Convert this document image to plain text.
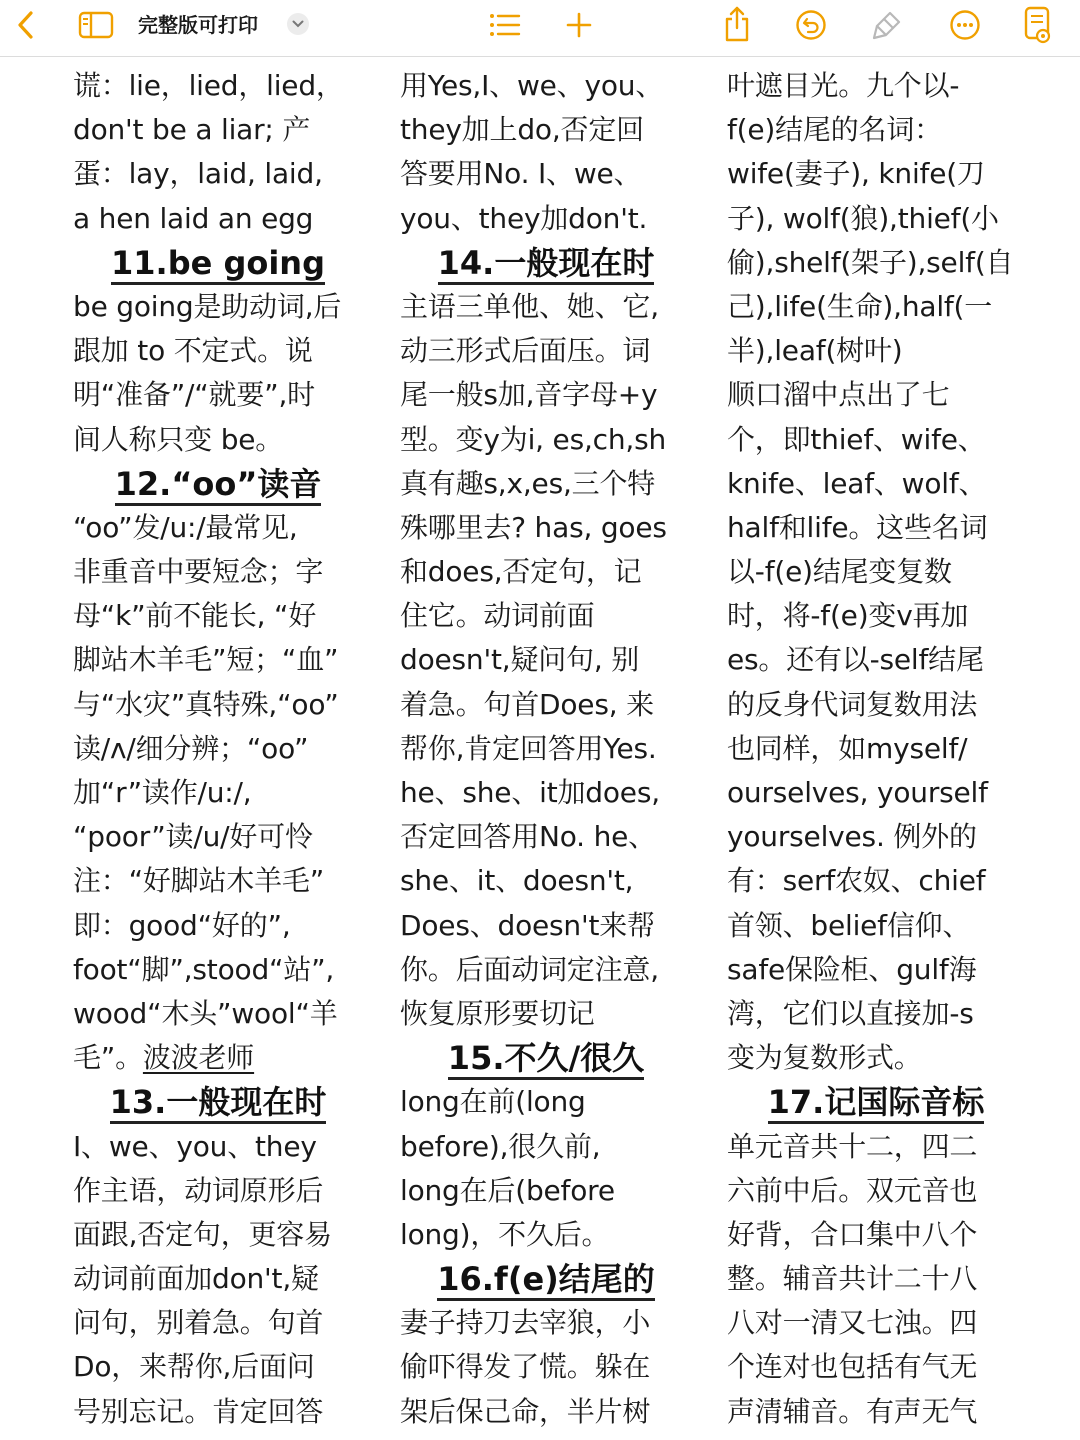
完整版可打印
谎：lie，lied，lied，
don't be a liar; 产
蛋：lay，laid, laid,
a hen laid an egg
11.be going
be going是助动词,后
跟加 to 不定式。说
明“准备”/“就要”,时
间人称只变 be。
12.“oo”读音
“oo”发/u:/最常见,
非重音中要短念；字
母“k”前不能长, “好
脚站木羊毛”短；“血”
与“水灾”真特殊,“oo”
读/ʌ/细分辨；“oo”
加“r”读作/u:/,
“poor”读/u/好可怜
注：“好脚站木羊毛”
即：good“好的”,
foot“脚”,stood“站”,
wood“木头”wool“羊
毛”。波波老师
13.一般现在时
I、we、you、they
作主语，动词原形后
面跟,否定句，更容易
动词前面加don't,疑
问句，别着急。句首
Do，来帮你,后面问
号别忘记。肯定回答
用Yes,I、we、you、
they加上do,否定回
答要用No. I、we、
you、they加don't.
14.一般现在时
主语三单他、她、它,
动三形式后面压。词
尾一般s加,音字母+y
型。变y为i, es,ch,sh
真有趣s,x,es,三个特
殊哪里去? has, goes
和does,否定句，记
住它。动词前面
doesn't,疑问句, 别
着急。句首Does, 来
帮你,肯定回答用Yes.
he、she、it加does,
否定回答用No. he、
she、it、doesn't,
Does、doesn't来帮
你。后面动词定注意,
恢复原形要切记
15.不久/很久
long在前(long
before),很久前,
long在后(before
long)，不久后。
16.f(e)结尾的
妻子持刀去宰狼，小
偷吓得发了慌。躲在
架后保己命，半片树
叶遮目光。九个以-
f(e)结尾的名词：
wife(妻子), knife(刀
子), wolf(狼),thief(小
偷),shelf(架子),self(自
己),life(生命),half(一
半),leaf(树叶)
顺口溜中点出了七
个，即thief、wife、
knife、leaf、wolf、
half和life。这些名词
以-f(e)结尾变复数
时，将-f(e)变v再加
es。还有以-self结尾
的反身代词复数用法
也同样，如myself/
ourselves, yourself
yourselves. 例外的
有：serf农奴、chief
首领、belief信仰、
safe保险柜、gulf海
湾，它们以直接加-s
变为复数形式。
17.记国际音标
单元音共十二，四二
六前中后。双元音也
好背，合口集中八个
整。辅音共计二十八
八对一清又七浊。四
个连对也包括有气无
声清辅音。有声无气
